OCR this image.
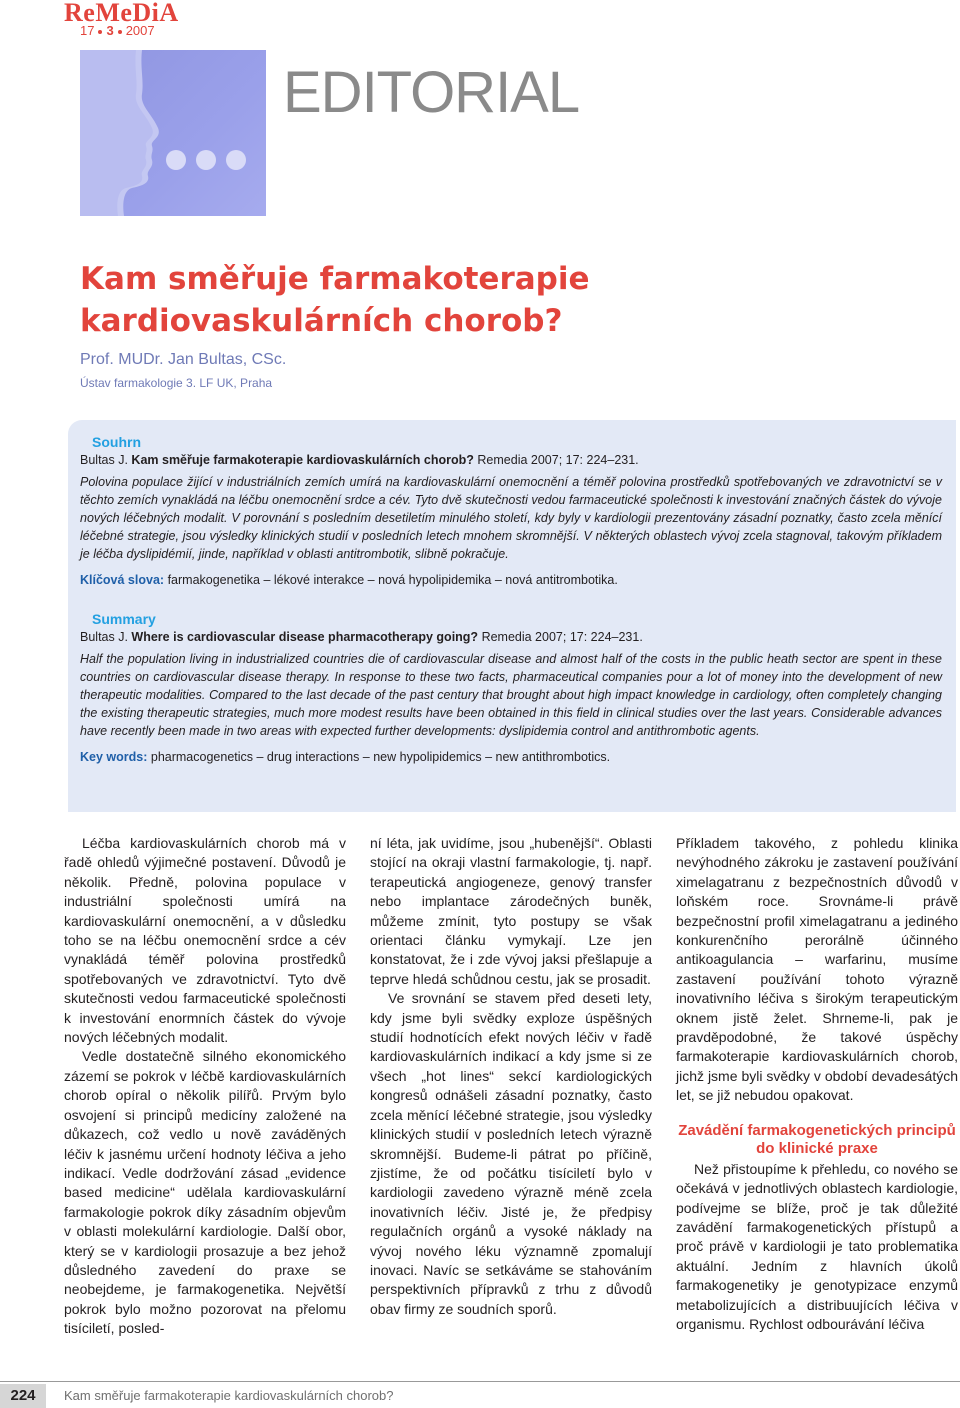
ReMeDiA
17 3 2007
EDITORIAL
Kam směřuje farmakoterapie kardiovaskulárních chorob?
Prof. MUDr. Jan Bultas, CSc.
Ústav farmakologie 3. LF UK, Praha
Souhrn
Bultas J. Kam směřuje farmakoterapie kardiovaskulárních chorob? Remedia 2007; 17: 224–231.
Polovina populace žijící v industriálních zemích umírá na kardiovaskulární onemocnění a téměř polovina prostředků spotřebovaných ve zdravotnictví se v těchto zemích vynakládá na léčbu onemocnění srdce a cév. Tyto dvě skutečnosti vedou farmaceutické společnosti k investování značných částek do vývoje nových léčebných modalit. V porovnání s posledním desetiletím minulého století, kdy byly v kardiologii prezentovány zásadní poznatky, často zcela měnící léčebné strategie, jsou výsledky klinických studií v posledních letech mnohem skromnější. V některých oblastech vývoj zcela stagnoval, takovým příkladem je léčba dyslipidémií, jinde, například v oblasti antitrombotik, slibně pokračuje.
Klíčová slova: farmakogenetika – lékové interakce – nová hypolipidemika – nová antitrombotika.
Summary
Bultas J. Where is cardiovascular disease pharmacotherapy going? Remedia 2007; 17: 224–231.
Half the population living in industrialized countries die of cardiovascular disease and almost half of the costs in the public heath sector are spent in these countries on cardiovascular disease therapy. In response to these two facts, pharmaceutical companies pour a lot of money into the development of new therapeutic modalities. Compared to the last decade of the past century that brought about high impact knowledge in cardiology, often completely changing the existing therapeutic strategies, much more modest results have been obtained in this field in clinical studies over the last years. Considerable advances have recently been made in two areas with expected further developments: dyslipidemia control and antithrombotic agents.
Key words: pharmacogenetics – drug interactions – new hypolipidemics – new antithrombotics.

Léčba kardiovaskulárních chorob má v řadě ohledů výjimečné postavení. Důvodů je několik. Předně, polovina populace v industriální společnosti umírá na kardiovaskulární onemocnění, a v důsledku toho se na léčbu onemocnění srdce a cév vynakládá téměř polovina prostředků spotřebovaných ve zdravotnictví. Tyto dvě skutečnosti vedou farmaceutické společnosti k investování enormních částek do vývoje nových léčebných modalit.

Vedle dostatečně silného ekonomického zázemí se pokrok v léčbě kardiovaskulárních chorob opíral o několik pilířů. Prvým bylo osvojení si principů medicíny založené na důkazech, což vedlo u nově zaváděných léčiv k jasnému určení hodnoty léčiva a jeho indikací. Vedle dodržování zásad „evidence based medicine“ udělala kardiovaskulární farmakologie pokrok díky zásadním objevům v oblasti molekulární kardiologie. Další obor, který se v kardiologii prosazuje a bez jehož důsledného zavedení do praxe se neobejdeme, je farmakogenetika. Největší pokrok bylo možno pozorovat na přelomu tisíciletí, posled-

ní léta, jak uvidíme, jsou „hubenější“. Oblasti stojící na okraji vlastní farmakologie, tj. např. terapeutická angiogeneze, genový transfer nebo implantace zárodečných buněk, můžeme zmínit, tyto postupy se však orientaci článku vymykají. Lze jen konstatovat, že i zde vývoj jaksi přešlapuje a teprve hledá schůdnou cestu, jak se prosadit.

Ve srovnání se stavem před deseti lety, kdy jsme byli svědky exploze úspěšných studií hodnotících efekt nových léčiv v řadě kardiovaskulárních indikací a kdy jsme si ze všech „hot lines“ sekcí kardiologických kongresů odnášeli zásadní poznatky, často zcela měnící léčebné strategie, jsou výsledky klinických studií v posledních letech výrazně skromnější. Budeme-li pátrat po příčině, zjistíme, že od počátku tisíciletí bylo v kardiologii zavedeno výrazně méně zcela inovativních léčiv. Jisté je, že předpisy regulačních orgánů a vysoké náklady na vývoj nového léku významně zpomalují inovaci. Navíc se setkáváme se stahováním perspektivních přípravků z trhu z důvodů obav firmy ze soudních sporů.

Příkladem takového, z pohledu klinika nevýhodného zákroku je zastavení používání ximelagatranu z bezpečnostních důvodů v loňském roce. Srovnáme-li právě bezpečnostní profil ximelagatranu a jediného konkurenčního perorálně účinného antikoagulancia – warfarinu, musíme zastavení používání tohoto výrazně inovativního léčiva s širokým terapeutickým oknem jistě želet. Shrneme-li, pak je pravděpodobné, že takové úspěchy farmakoterapie kardiovaskulárních chorob, jichž jsme byli svědky v období devadesátých let, se již nebudou opakovat.

Zavádění farmakogenetických principů do klinické praxe

Než přistoupíme k přehledu, co nového se očekává v jednotlivých oblastech kardiologie, podívejme se blíže, proč je tak důležité zavádění farmakogenetických přístupů a proč právě v kardiologii je tato problematika aktuální. Jedním z hlavních úkolů farmakogenetiky je genotypizace enzymů metabolizujících a distribuujících léčiva v organismu. Rychlost odbourávání léčiva

224	Kam směřuje farmakoterapie kardiovaskulárních chorob?
